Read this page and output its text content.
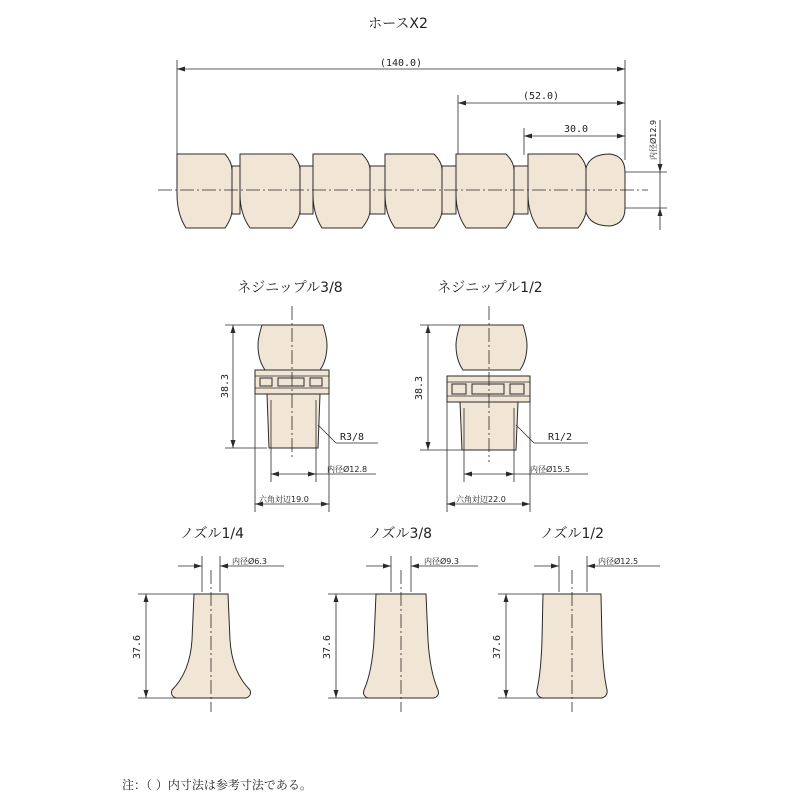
ホースX2
(140.0)
(52.0)
30.0	内径Ø12.9
ネジニップル3/8
38.3
R3/8
内径Ø12.8
六角対辺19.0
ネジニップル1/2
38.3
R1/2
内径Ø15.5
六角対辺22.0
ノズル1/4
内径Ø6.3
37.6
ノズル3/8
内径Ø9.3
37.6
ノズル1/2
内径Ø12.5
37.6
注：（ ）内寸法は参考寸法である。
